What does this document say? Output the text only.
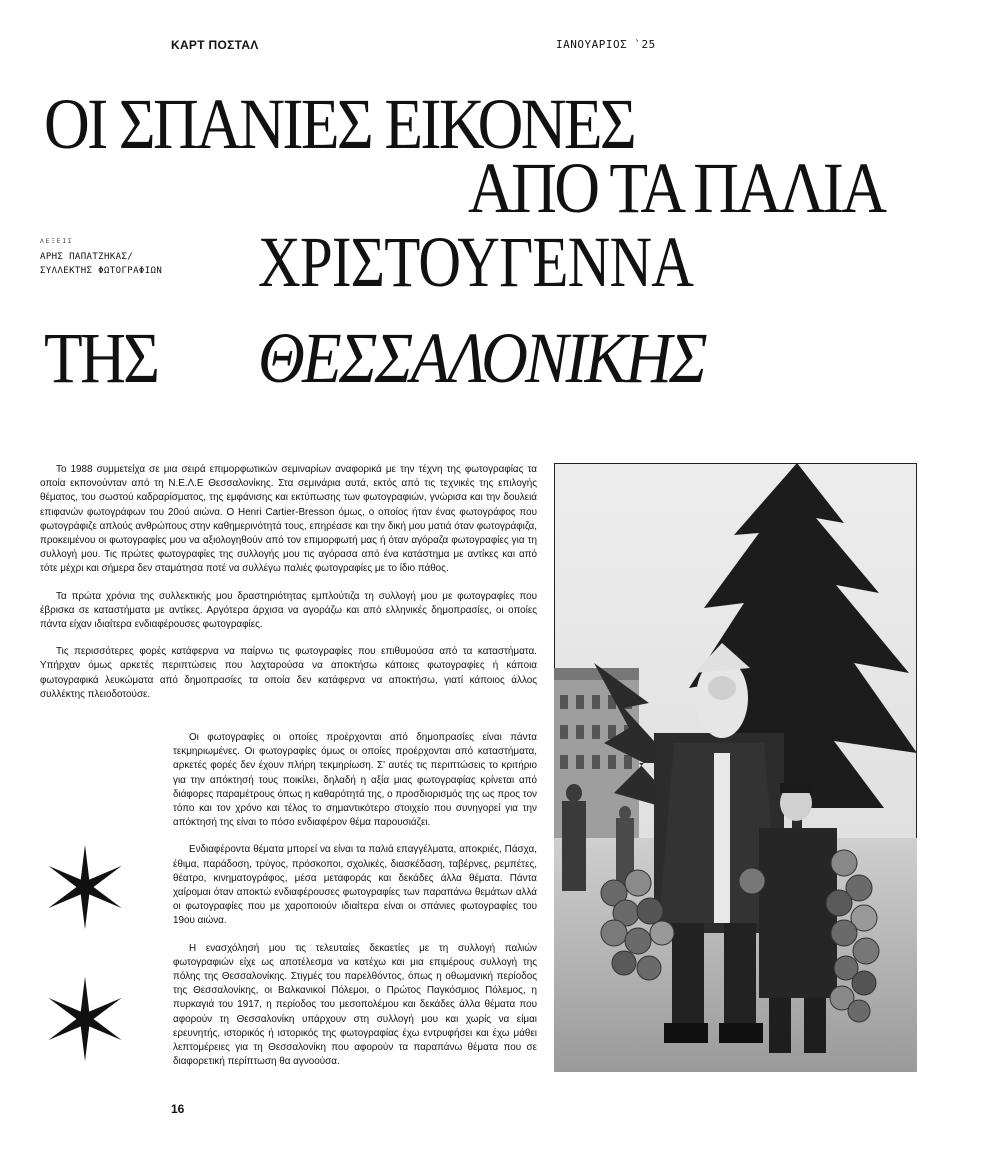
ΚΑΡΤ ΠΟΣΤΑΛ	ΙΑΝΟΥΑΡΙΟΣ `25
ΟΙ ΣΠΑΝΙΕΣ ΕΙΚΟΝΕΣ
ΑΠΟ ΤΑ ΠΑΛΙΑ
ΧΡΙΣΤΟΥΓΕΝΝΑ
ΤΗΣ ΘΕΣΣΑΛΟΝΙΚΗΣ
ΛΕΞΕΙΣ
ΑΡΗΣ ΠΑΠΑΤΖΗΚΑΣ/
ΣΥΛΛΕΚΤΗΣ ΦΩΤΟΓΡΑΦΙΩΝ

Το 1988 συμμετείχα σε μια σειρά επιμορφωτικών σεμιναρίων αναφορικά με την τέχνη της φωτογραφίας τα οποία εκπονούνταν από τη Ν.Ε.Λ.Ε Θεσσαλονίκης. Στα σεμινάρια αυτά, εκτός από τις τεχνικές της επιλογής θέματος, του σωστού καδραρίσματος, της εμφάνισης και εκτύπωσης των φωτογραφιών, γνώρισα και την δουλειά επιφανών φωτογράφων του 20ού αιώνα. Ο Henri Cartier-Bresson όμως, ο οποίος ήταν ένας φωτογράφος που φωτογράφιζε απλούς ανθρώπους στην καθημερινότητά τους, επηρέασε και την δική μου ματιά όταν φωτογράφιζα, προκειμένου οι φωτογραφίες μου να αξιολογηθούν από τον επιμορφωτή μας ή όταν αγόραζα φωτογραφίες για τη συλλογή μου. Τις πρώτες φωτογραφίες της συλλογής μου τις αγόρασα από ένα κατάστημα με αντίκες και από τότε μέχρι και σήμερα δεν σταμάτησα ποτέ να συλλέγω παλιές φωτογραφίες με το ίδιο πάθος.

Τα πρώτα χρόνια της συλλεκτικής μου δραστηριότητας εμπλούτιζα τη συλλογή μου με φωτογραφίες που έβρισκα σε καταστήματα με αντίκες. Αργότερα άρχισα να αγοράζω και από ελληνικές δημοπρασίες, οι οποίες πάντα είχαν ιδιαίτερα ενδιαφέρουσες φωτογραφίες.

Τις περισσότερες φορές κατάφερνα να παίρνω τις φωτογραφίες που επιθυμούσα από τα καταστήματα. Υπήρχαν όμως αρκετές περιπτώσεις που λαχταρούσα να αποκτήσω κάποιες φωτογραφίες ή κάποια φωτογραφικά λευκώματα από δημοπρασίες τα οποία δεν κατάφερνα να αποκτήσω, γιατί κάποιος άλλος συλλέκτης πλειοδοτούσε.

Οι φωτογραφίες οι οποίες προέρχονται από δημοπρασίες είναι πάντα τεκμηριωμένες. Οι φωτογραφίες όμως οι οποίες προέρχονται από καταστήματα, αρκετές φορές δεν έχουν πλήρη τεκμηρίωση. Σ' αυτές τις περιπτώσεις το κριτήριο για την απόκτησή τους ποικίλει, δηλαδή η αξία μιας φωτογραφίας κρίνεται από διάφορες παραμέτρους όπως η καθαρότητά της, ο προσδιορισμός της ως προς τον τόπο και τον χρόνο και τέλος το σημαντικότερο στοιχείο που συνηγορεί για την απόκτησή της είναι το πόσο ενδιαφέρον θέμα παρουσιάζει.

Ενδιαφέροντα θέματα μπορεί να είναι τα παλιά επαγγέλματα, αποκριές, Πάσχα, έθιμα, παράδοση, τρύγος, πρόσκοποι, σχολικές, διασκέδαση, ταβέρνες, ρεμπέτες, θέατρο, κινηματογράφος, μέσα μεταφοράς και δεκάδες άλλα θέματα. Πάντα χαίρομαι όταν αποκτώ ενδιαφέρουσες φωτογραφίες των παραπάνω θεμάτων αλλά οι φωτογραφίες που με χαροποιούν ιδιαίτερα είναι οι σπάνιες φωτογραφίες του 19ου αιώνα.

Η ενασχόλησή μου τις τελευταίες δεκαετίες με τη συλλογή παλιών φωτογραφιών είχε ως αποτέλεσμα να κατέχω και μια επιμέρους συλλογή της πόλης της Θεσσαλονίκης. Στιγμές του παρελθόντος, όπως η οθωμανική περίοδος της Θεσσαλονίκης, οι Βαλκανικοί Πόλεμοι, ο Πρώτος Παγκόσμιος Πόλεμος, η πυρκαγιά του 1917, η περίοδος του μεσοπολέμου και δεκάδες άλλα θέματα που αφορούν τη Θεσσαλονίκη υπάρχουν στη συλλογή μου και χωρίς να είμαι ερευνητής, ιστορικός ή ιστορικός της φωτογραφίας έχω εντρυφήσει και έχω μάθει λεπτομέρειες για τη Θεσσαλονίκη που αφορούν τα παραπάνω θέματα που σε διαφορετική περίπτωση θα αγνοούσα.

16
